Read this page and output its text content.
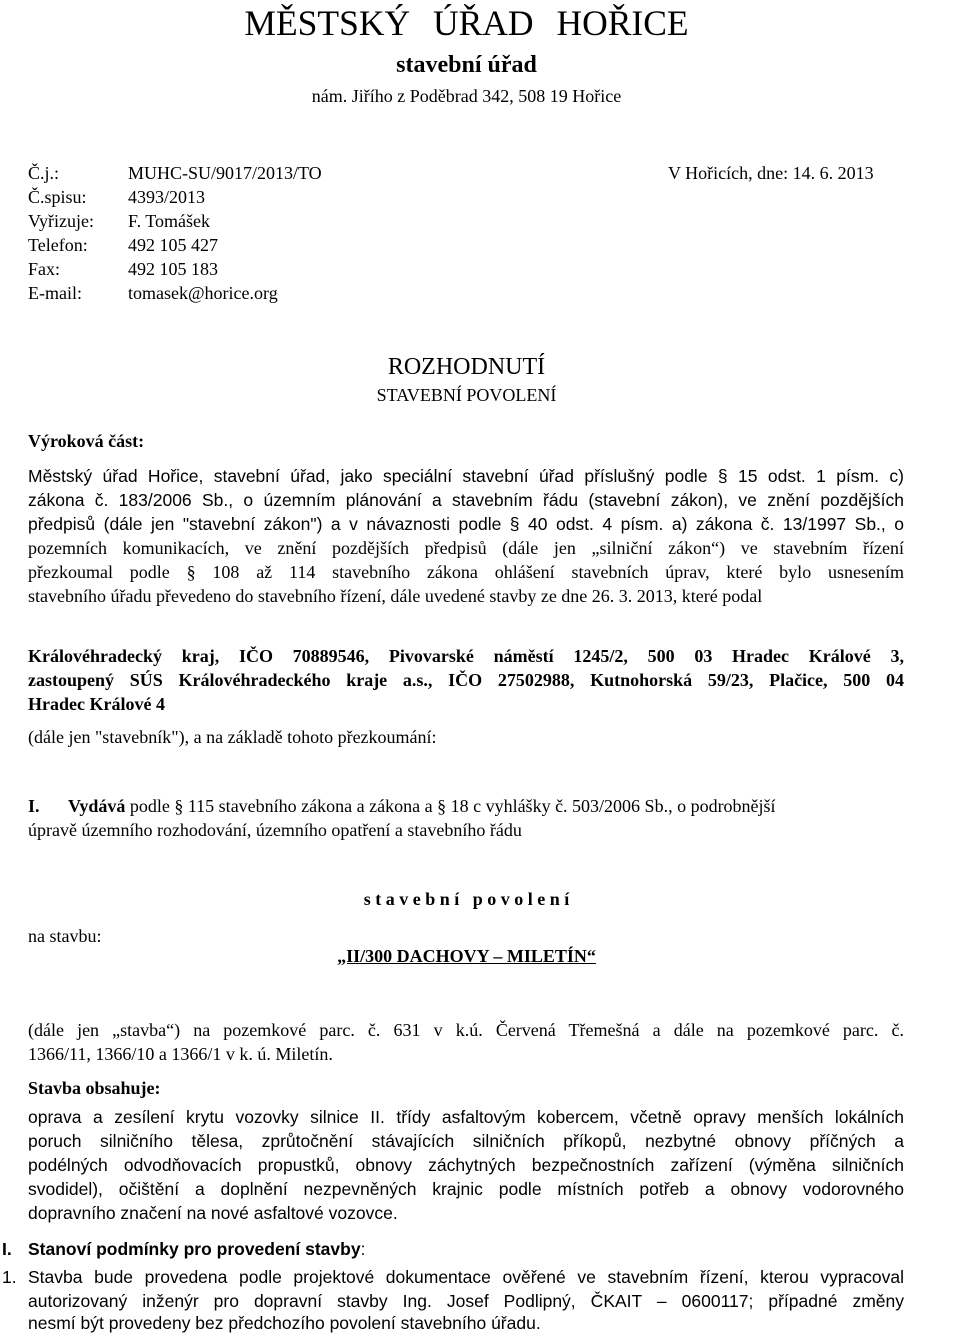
MĚSTSKÝ ÚŘAD HOŘICE
stavební úřad
nám. Jiřího z Poděbrad 342, 508 19 Hořice
Č.j.:	MUHC-SU/9017/2013/TO
Č.spisu: 4393/2013
Vyřizuje: F. Tomášek
Telefon: 492 105 427
Fax:	492 105 183
E-mail:	tomasek@horice.org
V Hořicích, dne: 14. 6. 2013
ROZHODNUTÍ
STAVEBNÍ POVOLENÍ
Výroková část:
Městský úřad Hořice, stavební úřad, jako speciální stavební úřad příslušný podle § 15 odst. 1 písm. c)
zákona č. 183/2006 Sb., o územním plánování a stavebním řádu (stavební zákon), ve znění pozdějších
předpisů (dále jen "stavební zákon") a v návaznosti podle § 40 odst. 4 písm. a) zákona č. 13/1997 Sb., o
pozemních komunikacích, ve znění pozdějších předpisů (dále jen „silniční zákon“) ve stavebním řízení
přezkoumal podle § 108 až 114 stavebního zákona ohlášení stavebních úprav, které bylo usnesením
stavebního úřadu převedeno do stavebního řízení, dále uvedené stavby ze dne 26. 3. 2013, které podal
Královéhradecký kraj, IČO 70889546, Pivovarské náměstí 1245/2, 500 03 Hradec Králové 3,
zastoupený SÚS Královéhradeckého kraje a.s., IČO 27502988, Kutnohorská 59/23, Plačice, 500 04
Hradec Králové 4
(dále jen "stavebník"), a na základě tohoto přezkoumání:
I. Vydává podle § 115 stavebního zákona a zákona a § 18 c vyhlášky č. 503/2006 Sb., o podrobnější
úpravě územního rozhodování, územního opatření a stavebního řádu
s t a v e b n í   p o v o l e n í
na stavbu:
„II/300 DACHOVY – MILETÍN“
(dále jen „stavba“) na pozemkové parc. č. 631 v k.ú. Červená Třemešná a dále na pozemkové parc. č.
1366/11, 1366/10 a 1366/1 v k. ú. Miletín.
Stavba obsahuje:
oprava a zesílení krytu vozovky silnice II. třídy asfaltovým kobercem, včetně opravy menších lokálních
poruch silničního tělesa, zprůtočnění stávajících silničních příkopů, nezbytné obnovy příčných a
podélných odvodňovacích propustků, obnovy záchytných bezpečnostních zařízení (výměna silničních
svodidel), očištění a doplnění nezpevněných krajnic podle místních potřeb a obnovy vodorovného
dopravního značení na nové asfaltové vozovce.
I. Stanoví podmínky pro provedení stavby:
1. Stavba bude provedena podle projektové dokumentace ověřené ve stavebním řízení, kterou vypracoval
autorizovaný inženýr pro dopravní stavby Ing. Josef Podlipný, ČKAIT – 0600117; případné změny
nesmí být provedeny bez předchozího povolení stavebního úřadu.
